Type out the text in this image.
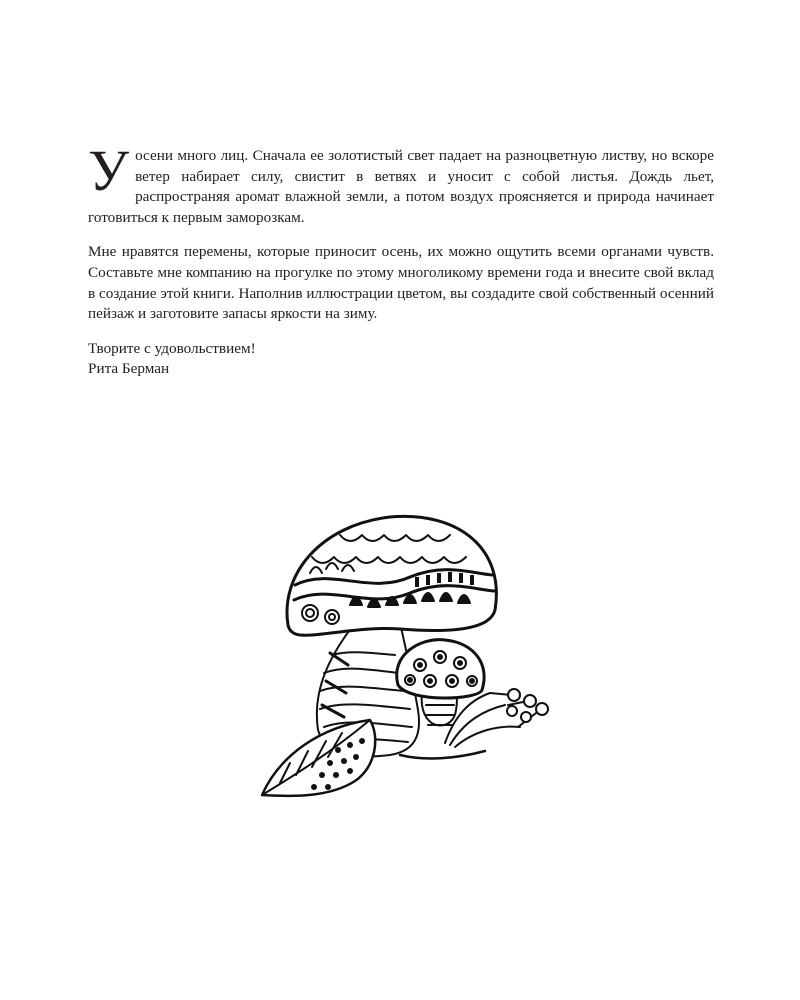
Уосени много лиц. Сначала ее золотистый свет падает на разноцветную листву, но вскоре ветер набирает силу, свистит в ветвях и уносит с собой листья. Дождь льет, распространяя аромат влажной земли, а потом воздух проясняется и природа начинает готовиться к первым заморозкам.

Мне нравятся перемены, которые приносит осень, их можно ощутить всеми органами чувств. Составьте мне компанию на прогулке по этому многоликому времени года и внесите свой вклад в создание этой книги. Наполнив иллюстрации цветом, вы создадите свой собственный осенний пейзаж и заготовите запасы яркости на зиму.

Творите с удовольствием!
Рита Берман
